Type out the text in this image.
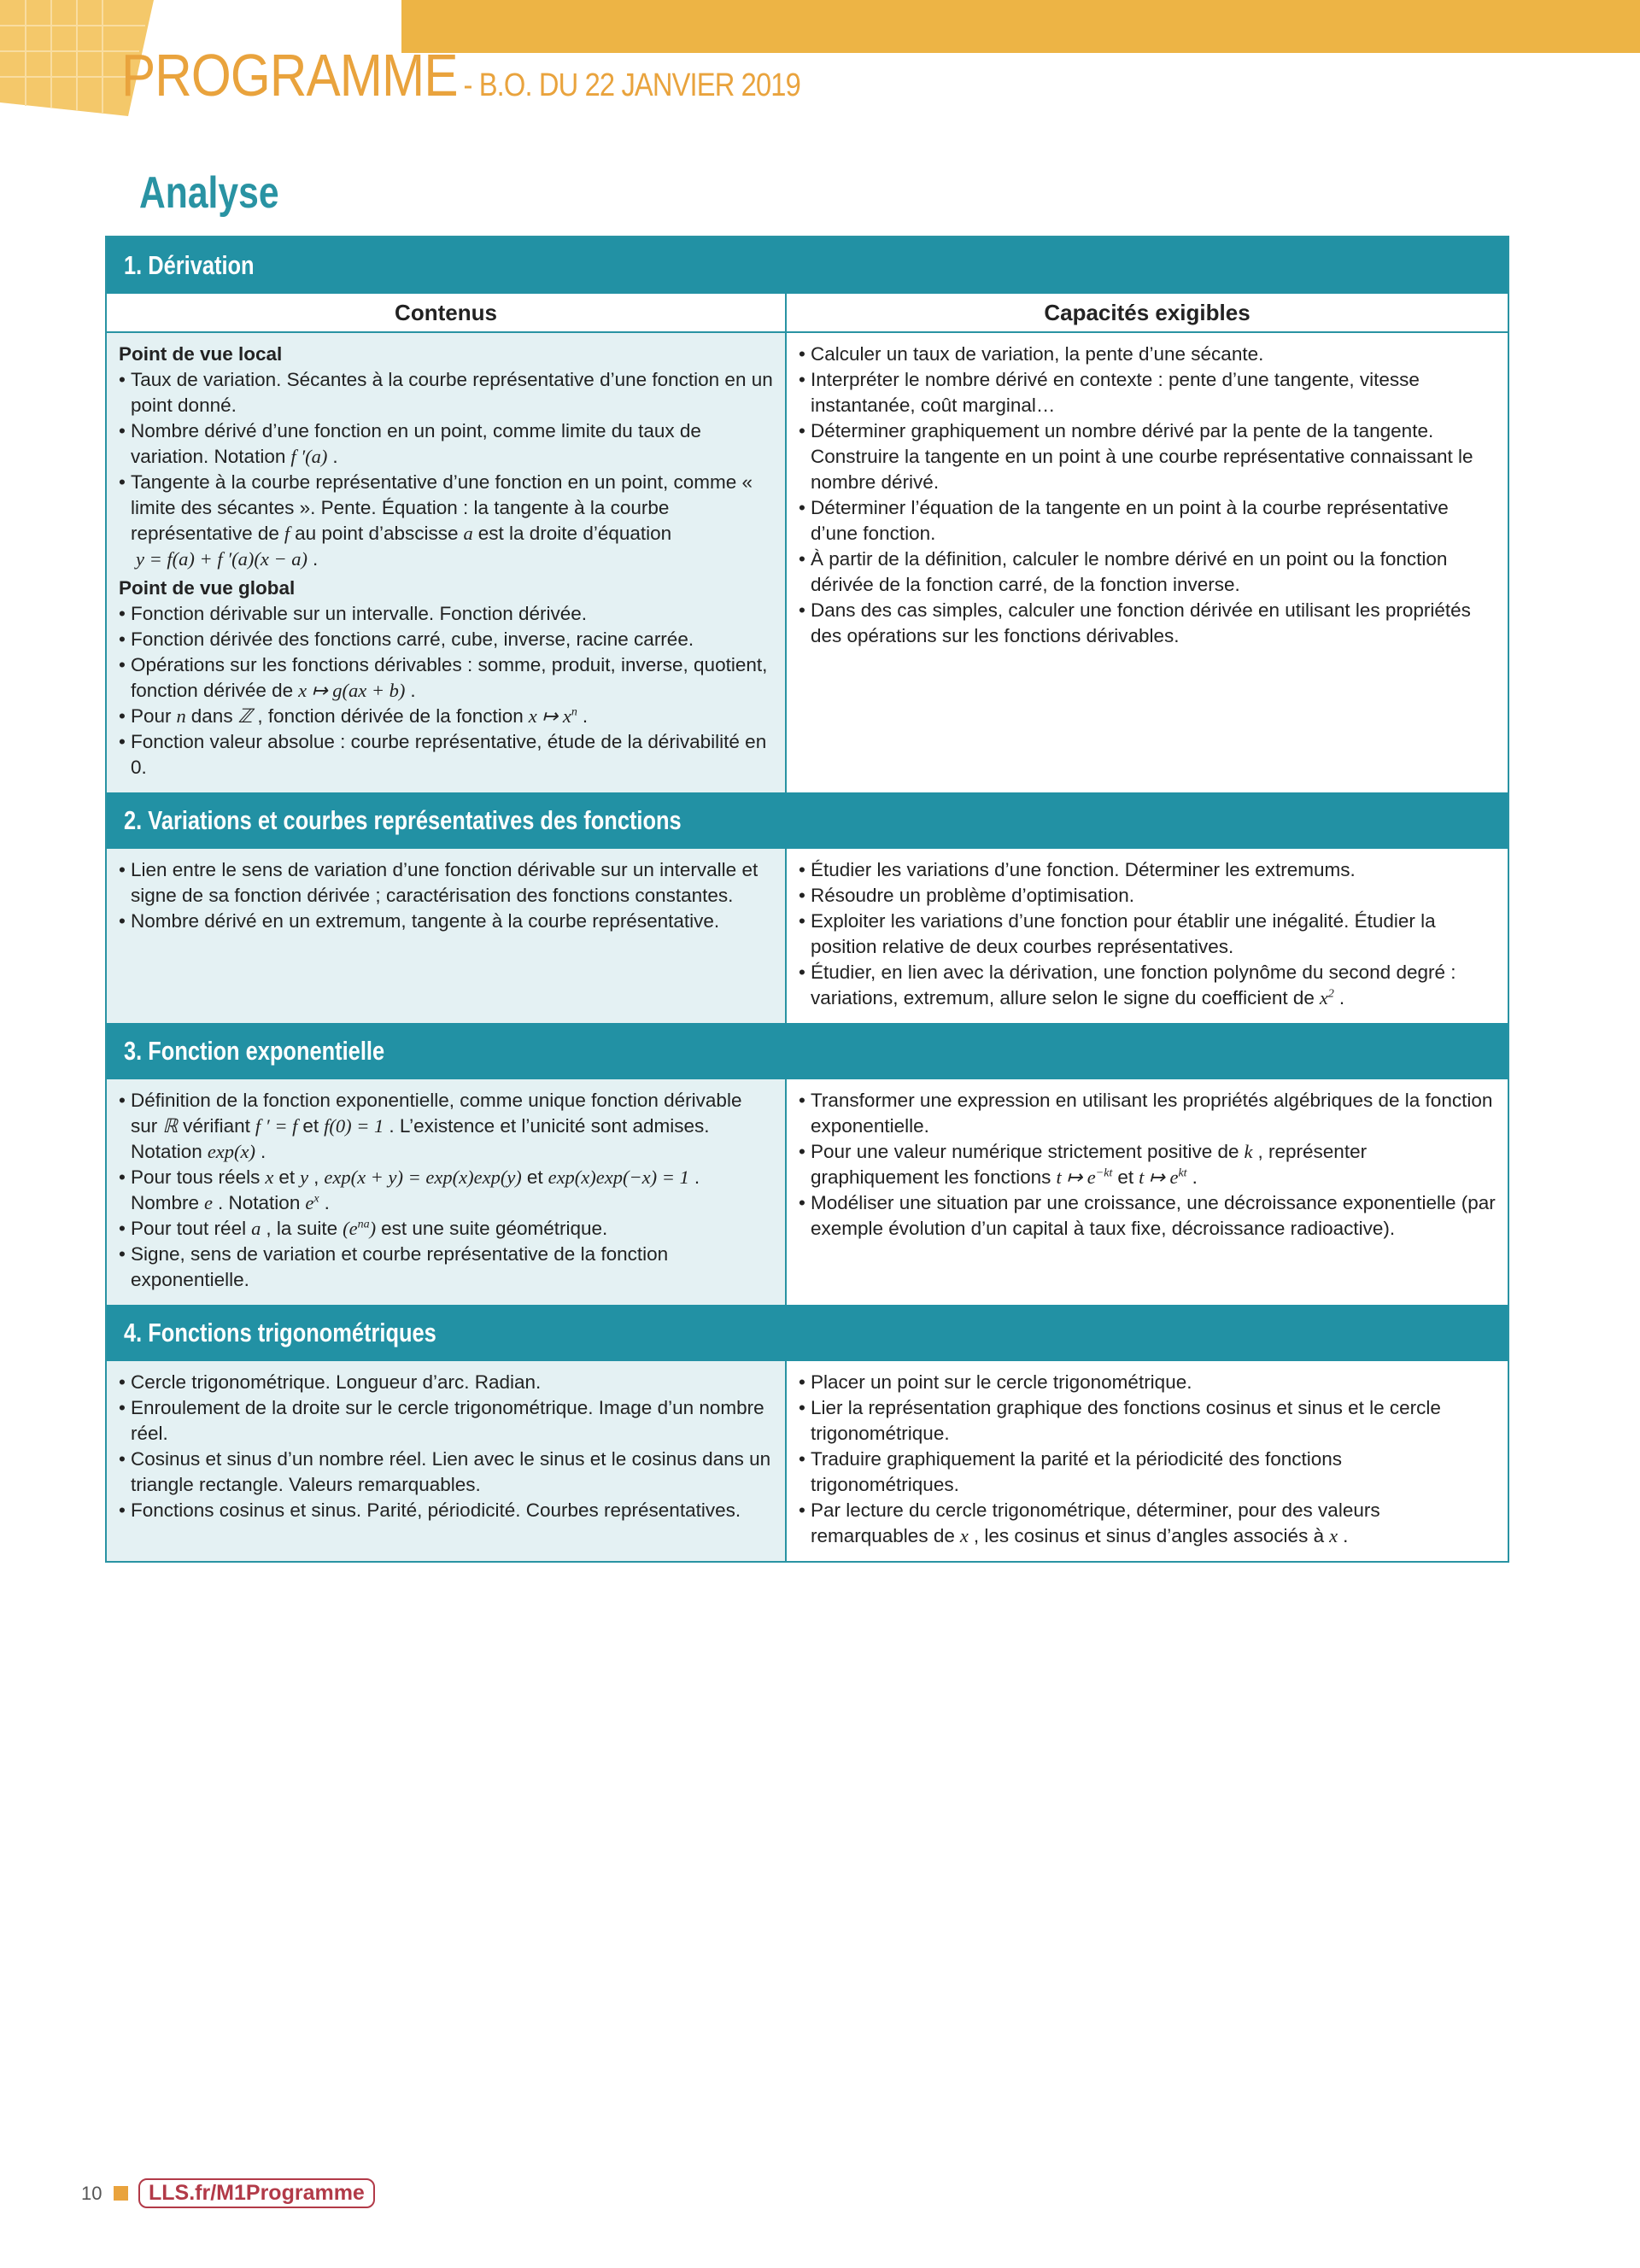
PROGRAMME - B.O. DU 22 JANVIER 2019
Analyse
1. Dérivation
Contenus	Capacités exigibles
Point de vue local
• Taux de variation. Sécantes à la courbe représentative d’une fonction en un point donné.
• Nombre dérivé d’une fonction en un point, comme limite du taux de variation. Notation f ′(a) .
• Tangente à la courbe représentative d’une fonction en un point, comme « limite des sécantes ». Pente. Équation : la tangente à la courbe représentative de f au point d’abscisse a est la droite d’équation
y = f(a) + f ′(a)(x − a) .
Point de vue global
• Fonction dérivable sur un intervalle. Fonction dérivée.
• Fonction dérivée des fonctions carré, cube, inverse, racine carrée.
• Opérations sur les fonctions dérivables : somme, produit, inverse, quotient, fonction dérivée de x ↦ g(ax + b) .
• Pour n dans ℤ , fonction dérivée de la fonction x ↦ $x^n$ .
• Fonction valeur absolue : courbe représentative, étude de la dérivabilité en 0.
• Calculer un taux de variation, la pente d’une sécante.
• Interpréter le nombre dérivé en contexte : pente d’une tangente, vitesse instantanée, coût marginal…
• Déterminer graphiquement un nombre dérivé par la pente de la tangente. Construire la tangente en un point à une courbe représentative connaissant le nombre dérivé.
• Déterminer l’équation de la tangente en un point à la courbe représentative d’une fonction.
• À partir de la définition, calculer le nombre dérivé en un point ou la fonction dérivée de la fonction carré, de la fonction inverse.
• Dans des cas simples, calculer une fonction dérivée en utilisant les propriétés des opérations sur les fonctions dérivables.
2. Variations et courbes représentatives des fonctions
• Lien entre le sens de variation d’une fonction dérivable sur un intervalle et signe de sa fonction dérivée ; caractérisation des fonctions constantes.
• Nombre dérivé en un extremum, tangente à la courbe représentative.
• Étudier les variations d’une fonction. Déterminer les extremums.
• Résoudre un problème d’optimisation.
• Exploiter les variations d’une fonction pour établir une inégalité. Étudier la position relative de deux courbes représentatives.
• Étudier, en lien avec la dérivation, une fonction polynôme du second degré : variations, extremum, allure selon le signe du coefficient de $x^2$ .
3. Fonction exponentielle
• Définition de la fonction exponentielle, comme unique fonction dérivable sur ℝ vérifiant f ′ = f et f(0) = 1 . L’existence et l’unicité sont admises. Notation exp(x) .
• Pour tous réels x et y , exp(x + y) = exp(x)exp(y) et exp(x)exp(−x) = 1 . Nombre e . Notation $e^x$ .
• Pour tout réel a , la suite $(e^{na})$ est une suite géométrique.
• Signe, sens de variation et courbe représentative de la fonction exponentielle.
• Transformer une expression en utilisant les propriétés algébriques de la fonction exponentielle.
• Pour une valeur numérique strictement positive de k , représenter graphiquement les fonctions t ↦ $e^{-kt}$ et t ↦ $e^{kt}$ .
• Modéliser une situation par une croissance, une décroissance exponentielle (par exemple évolution d’un capital à taux fixe, décroissance radioactive).
4. Fonctions trigonométriques
• Cercle trigonométrique. Longueur d’arc. Radian.
• Enroulement de la droite sur le cercle trigonométrique. Image d’un nombre réel.
• Cosinus et sinus d’un nombre réel. Lien avec le sinus et le cosinus dans un triangle rectangle. Valeurs remarquables.
• Fonctions cosinus et sinus. Parité, périodicité. Courbes représentatives.
• Placer un point sur le cercle trigonométrique.
• Lier la représentation graphique des fonctions cosinus et sinus et le cercle trigonométrique.
• Traduire graphiquement la parité et la périodicité des fonctions trigonométriques.
• Par lecture du cercle trigonométrique, déterminer, pour des valeurs remarquables de x , les cosinus et sinus d’angles associés à x .
10	LLS.fr/M1Programme
